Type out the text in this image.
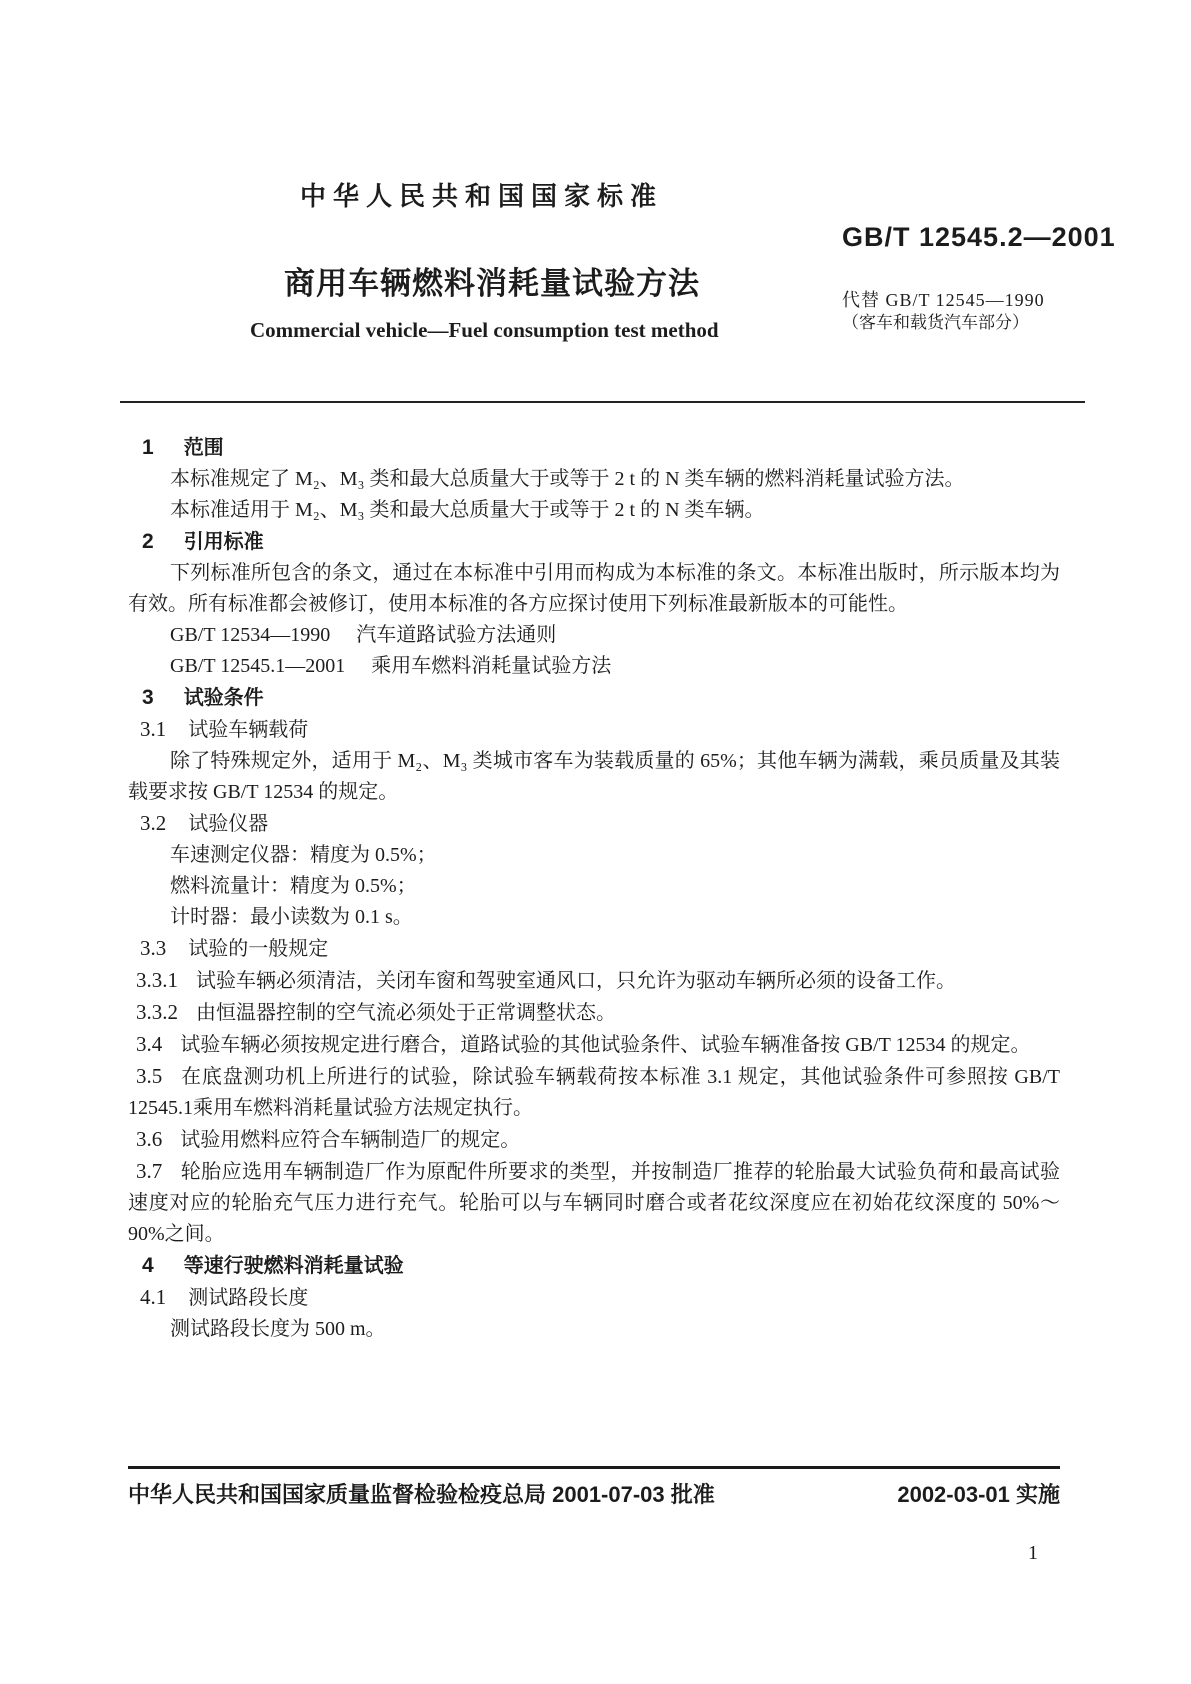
中华人民共和国国家标准
GB/T 12545.2—2001
商用车辆燃料消耗量试验方法	代替 GB/T 12545—1990
（客车和载货汽车部分）
Commercial vehicle—Fuel consumption test method

1 范围

本标准规定了 M₂、M₃ 类和最大总质量大于或等于 2 t 的 N 类车辆的燃料消耗量试验方法。

本标准适用于 M₂、M₃ 类和最大总质量大于或等于 2 t 的 N 类车辆。

2 引用标准

下列标准所包含的条文，通过在本标准中引用而构成为本标准的条文。本标准出版时，所示版本均为有效。所有标准都会被修订，使用本标准的各方应探讨使用下列标准最新版本的可能性。

GB/T 12534—1990 汽车道路试验方法通则

GB/T 12545.1—2001 乘用车燃料消耗量试验方法

3 试验条件

3.1 试验车辆载荷

除了特殊规定外，适用于 M₂、M₃ 类城市客车为装载质量的 65%；其他车辆为满载，乘员质量及其装载要求按 GB/T 12534 的规定。

3.2 试验仪器

车速测定仪器：精度为 0.5%；

燃料流量计：精度为 0.5%；

计时器：最小读数为 0.1 s。

3.3 试验的一般规定

3.3.1 试验车辆必须清洁，关闭车窗和驾驶室通风口，只允许为驱动车辆所必须的设备工作。

3.3.2 由恒温器控制的空气流必须处于正常调整状态。

3.4 试验车辆必须按规定进行磨合，道路试验的其他试验条件、试验车辆准备按 GB/T 12534 的规定。

3.5 在底盘测功机上所进行的试验，除试验车辆载荷按本标准 3.1 规定，其他试验条件可参照按 GB/T 12545.1乘用车燃料消耗量试验方法规定执行。

3.6 试验用燃料应符合车辆制造厂的规定。

3.7 轮胎应选用车辆制造厂作为原配件所要求的类型，并按制造厂推荐的轮胎最大试验负荷和最高试验速度对应的轮胎充气压力进行充气。轮胎可以与车辆同时磨合或者花纹深度应在初始花纹深度的 50%～90%之间。

4 等速行驶燃料消耗量试验

4.1 测试路段长度

测试路段长度为 500 m。

中华人民共和国国家质量监督检验检疫总局 2001-07-03 批准	2002-03-01 实施
1
